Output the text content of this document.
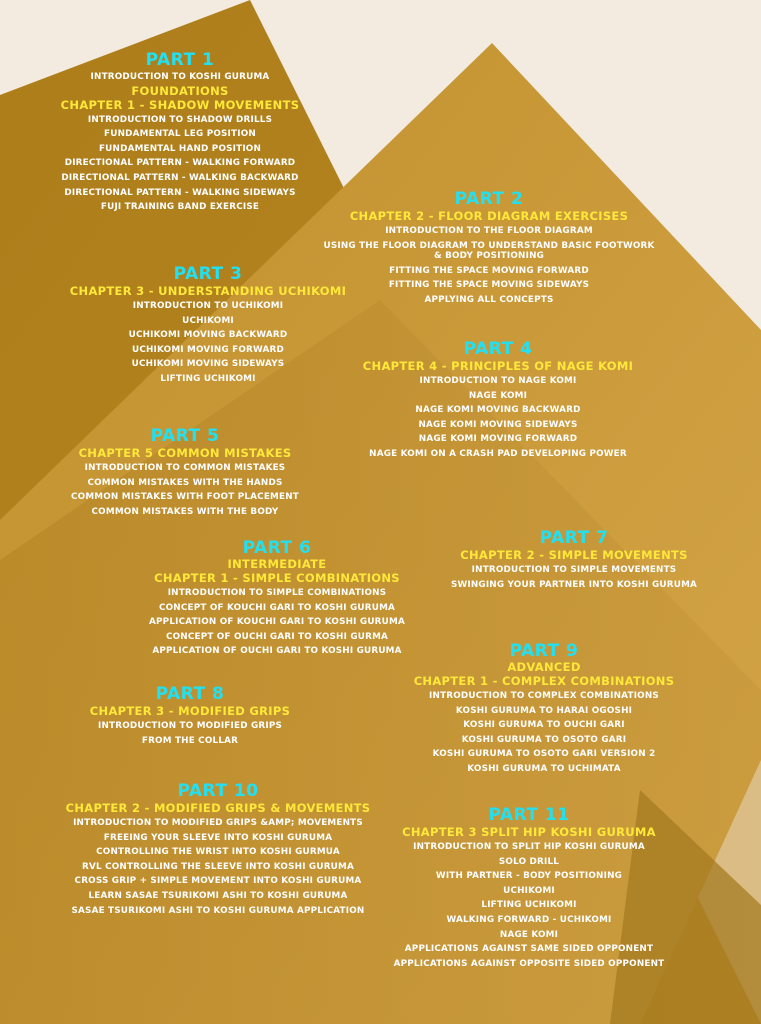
PART 1
INTRODUCTION TO KOSHI GURUMA
FOUNDATIONS
CHAPTER 1 - SHADOW MOVEMENTS
INTRODUCTION TO SHADOW DRILLS
FUNDAMENTAL LEG POSITION
FUNDAMENTAL HAND POSITION
DIRECTIONAL PATTERN - WALKING FORWARD
DIRECTIONAL PATTERN - WALKING BACKWARD
DIRECTIONAL PATTERN - WALKING SIDEWAYS
FUJI TRAINING BAND EXERCISE	PART 2
CHAPTER 2 - FLOOR DIAGRAM EXERCISES
INTRODUCTION TO THE FLOOR DIAGRAM
USING THE FLOOR DIAGRAM TO UNDERSTAND BASIC FOOTWORK & BODY POSITIONING
FITTING THE SPACE MOVING FORWARD
FITTING THE SPACE MOVING SIDEWAYS
APPLYING ALL CONCEPTS
PART 3
CHAPTER 3 - UNDERSTANDING UCHIKOMI
INTRODUCTION TO UCHIKOMI
UCHIKOMI
UCHIKOMI MOVING BACKWARD
UCHIKOMI MOVING FORWARD
UCHIKOMI MOVING SIDEWAYS
LIFTING UCHIKOMI
PART 4
CHAPTER 4 - PRINCIPLES OF NAGE KOMI
INTRODUCTION TO NAGE KOMI
NAGE KOMI
NAGE KOMI MOVING BACKWARD
NAGE KOMI MOVING SIDEWAYS
NAGE KOMI MOVING FORWARD
NAGE KOMI ON A CRASH PAD DEVELOPING POWER
PART 5
CHAPTER 5 COMMON MISTAKES
INTRODUCTION TO COMMON MISTAKES
COMMON MISTAKES WITH THE HANDS
COMMON MISTAKES WITH FOOT PLACEMENT
COMMON MISTAKES WITH THE BODY
PART 6
INTERMEDIATE
CHAPTER 1 - SIMPLE COMBINATIONS
INTRODUCTION TO SIMPLE COMBINATIONS
CONCEPT OF KOUCHI GARI TO KOSHI GURUMA
APPLICATION OF KOUCHI GARI TO KOSHI GURUMA
CONCEPT OF OUCHI GARI TO KOSHI GURMA
APPLICATION OF OUCHI GARI TO KOSHI GURUMA
PART 7
CHAPTER 2 - SIMPLE MOVEMENTS
INTRODUCTION TO SIMPLE MOVEMENTS
SWINGING YOUR PARTNER INTO KOSHI GURUMA
PART 8
CHAPTER 3 - MODIFIED GRIPS
INTRODUCTION TO MODIFIED GRIPS
FROM THE COLLAR
PART 9
ADVANCED
CHAPTER 1 - COMPLEX COMBINATIONS
INTRODUCTION TO COMPLEX COMBINATIONS
KOSHI GURUMA TO HARAI OGOSHI
KOSHI GURUMA TO OUCHI GARI
KOSHI GURUMA TO OSOTO GARI
KOSHI GURUMA TO OSOTO GARI VERSION 2
KOSHI GURUMA TO UCHIMATA
PART 10
CHAPTER 2 - MODIFIED GRIPS & MOVEMENTS
INTRODUCTION TO MODIFIED GRIPS &AMP; MOVEMENTS
FREEING YOUR SLEEVE INTO KOSHI GURUMA
CONTROLLING THE WRIST INTO KOSHI GURMUA
RVL CONTROLLING THE SLEEVE INTO KOSHI GURUMA
CROSS GRIP + SIMPLE MOVEMENT INTO KOSHI GURUMA
LEARN SASAE TSURIKOMI ASHI TO KOSHI GURUMA
SASAE TSURIKOMI ASHI TO KOSHI GURUMA APPLICATION
PART 11
CHAPTER 3 SPLIT HIP KOSHI GURUMA
INTRODUCTION TO SPLIT HIP KOSHI GURUMA
SOLO DRILL
WITH PARTNER - BODY POSITIONING
UCHIKOMI
LIFTING UCHIKOMI
WALKING FORWARD - UCHIKOMI
NAGE KOMI
APPLICATIONS AGAINST SAME SIDED OPPONENT
APPLICATIONS AGAINST OPPOSITE SIDED OPPONENT
